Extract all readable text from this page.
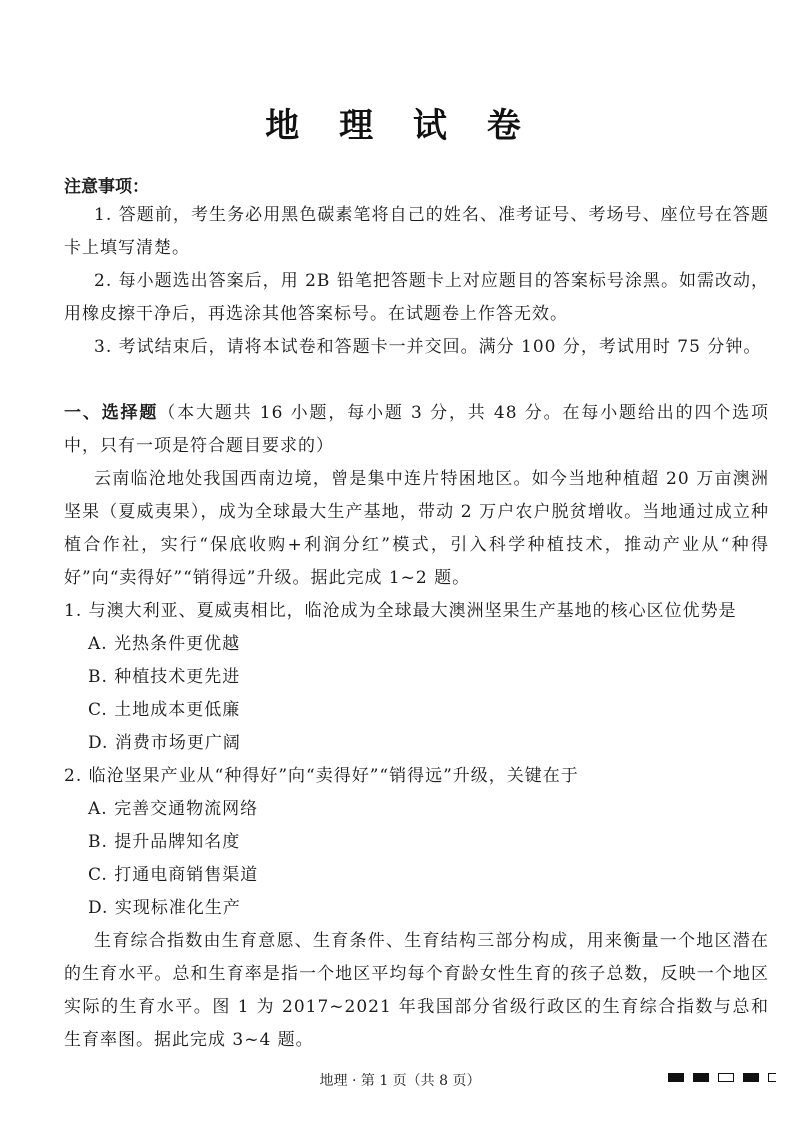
地 理 试 卷
注意事项：

1. 答题前，考生务必用黑色碳素笔将自己的姓名、准考证号、考场号、座位号在答题卡上填写清楚。

2. 每小题选出答案后，用 2B 铅笔把答题卡上对应题目的答案标号涂黑。如需改动，用橡皮擦干净后，再选涂其他答案标号。在试题卷上作答无效。

3. 考试结束后，请将本试卷和答题卡一并交回。满分 100 分，考试用时 75 分钟。

一、选择题（本大题共 16 小题，每小题 3 分，共 48 分。在每小题给出的四个选项中，只有一项是符合题目要求的）

云南临沧地处我国西南边境，曾是集中连片特困地区。如今当地种植超 20 万亩澳洲坚果（夏威夷果），成为全球最大生产基地，带动 2 万户农户脱贫增收。当地通过成立种植合作社，实行“保底收购+利润分红”模式，引入科学种植技术，推动产业从“种得好”向“卖得好”“销得远”升级。据此完成 1~2 题。

1. 与澳大利亚、夏威夷相比，临沧成为全球最大澳洲坚果生产基地的核心区位优势是
A. 光热条件更优越
B. 种植技术更先进
C. 土地成本更低廉
D. 消费市场更广阔
2. 临沧坚果产业从“种得好”向“卖得好”“销得远”升级，关键在于
A. 完善交通物流网络
B. 提升品牌知名度
C. 打通电商销售渠道
D. 实现标准化生产

生育综合指数由生育意愿、生育条件、生育结构三部分构成，用来衡量一个地区潜在的生育水平。总和生育率是指一个地区平均每个育龄女性生育的孩子总数，反映一个地区实际的生育水平。图 1 为 2017~2021 年我国部分省级行政区的生育综合指数与总和生育率图。据此完成 3~4 题。

地理 · 第 1 页（共 8 页）
